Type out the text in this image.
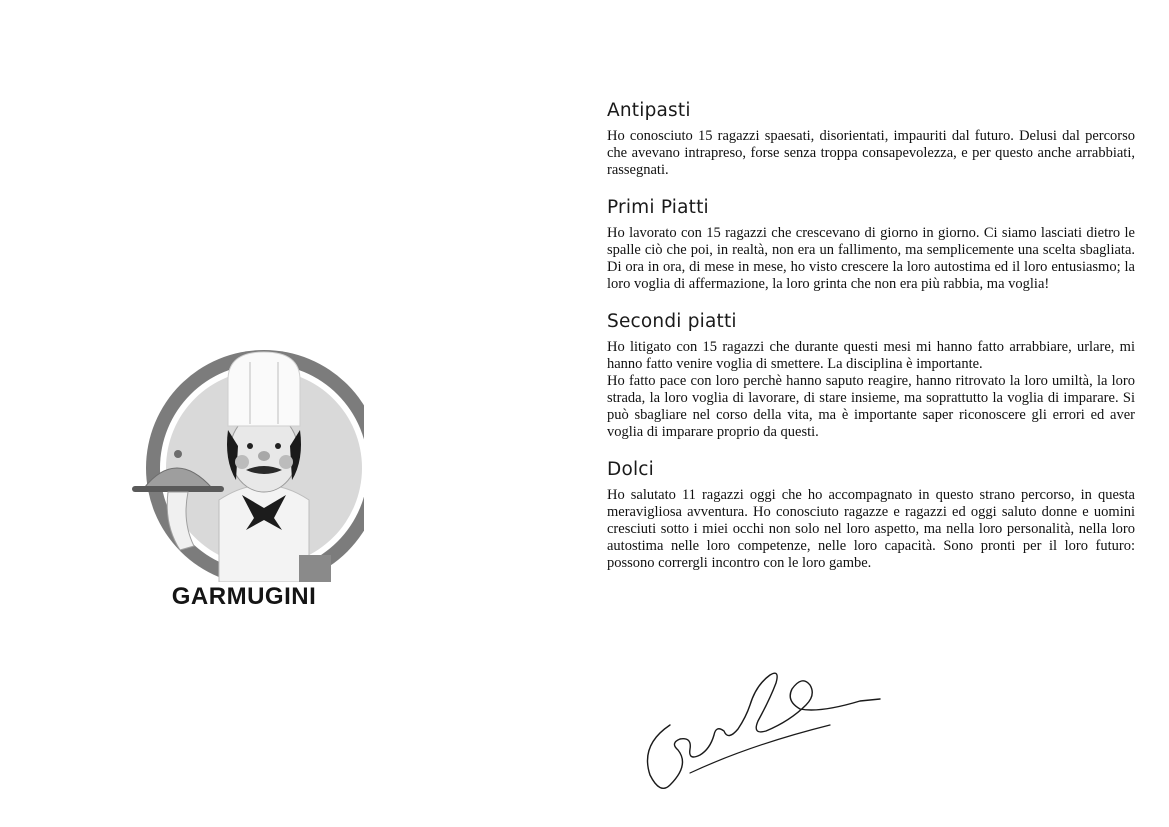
GARMUGINI
Antipasti

Ho conosciuto 15 ragazzi spaesati, disorientati, impauriti dal futuro. Delusi dal percorso che avevano intrapreso, forse senza troppa consapevolezza, e per questo anche arrabbiati, rassegnati.

Primi Piatti

Ho lavorato con 15 ragazzi che crescevano di giorno in giorno. Ci siamo lasciati dietro le spalle ciò che poi, in realtà, non era un fallimento, ma semplicemente una scelta sbagliata. Di ora in ora, di mese in mese, ho visto crescere la loro autostima ed il loro entusiasmo; la loro voglia di affermazione, la loro grinta che non era più rabbia, ma voglia!

Secondi piatti

Ho litigato con 15 ragazzi che durante questi mesi mi hanno fatto arrabbiare, urlare, mi hanno fatto venire voglia di smettere. La disciplina è importante.

Ho fatto pace con loro perchè hanno saputo reagire, hanno ritrovato la loro umiltà, la loro strada, la loro voglia di lavorare, di stare insieme, ma soprattutto la voglia di imparare. Si può sbagliare nel corso della vita, ma è importante saper riconoscere gli errori ed aver voglia di imparare proprio da questi.

Dolci

Ho salutato 11 ragazzi oggi che ho accompagnato in questo strano percorso, in questa meravigliosa avventura. Ho conosciuto ragazze e ragazzi ed oggi saluto donne e uomini cresciuti sotto i miei occhi non solo nel loro aspetto, ma nella loro personalità, nella loro autostima nelle loro competenze, nelle loro capacità. Sono pronti per il loro futuro: possono corrergli incontro con le loro gambe.
